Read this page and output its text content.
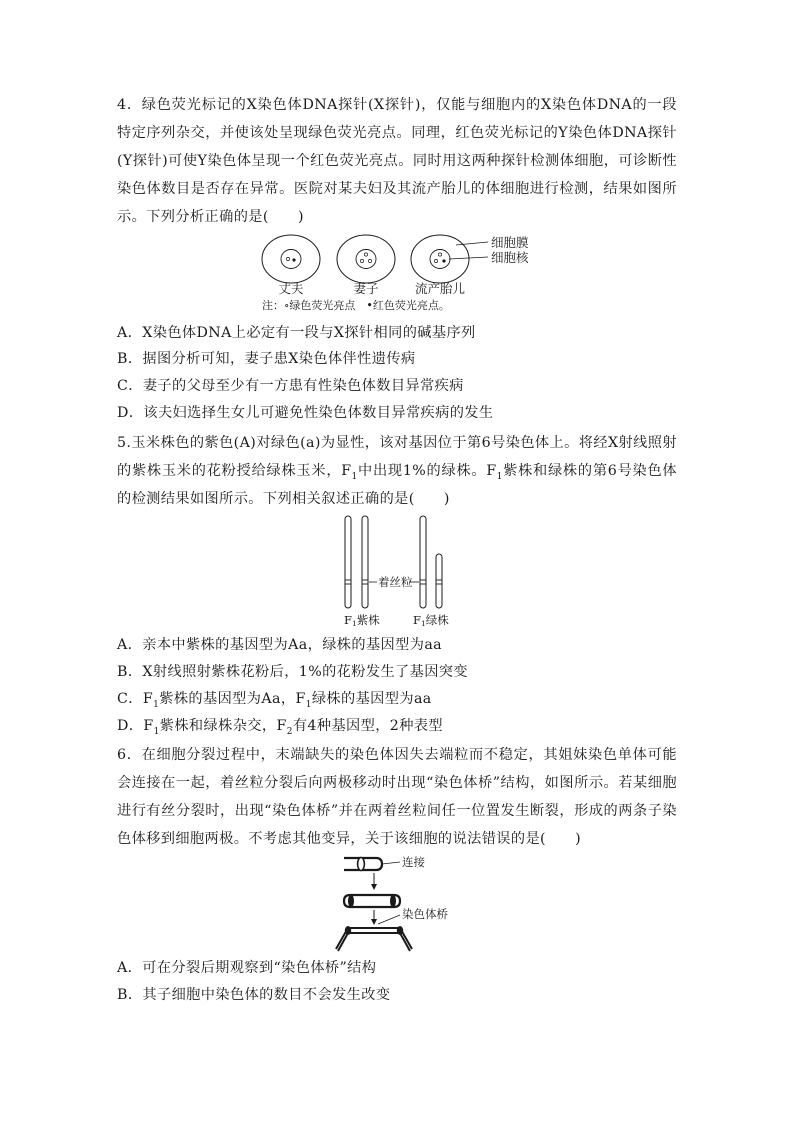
4．绿色荧光标记的X染色体DNA探针(X探针)，仅能与细胞内的X染色体DNA的一段特定序列杂交，并使该处呈现绿色荧光亮点。同理，红色荧光标记的Y染色体DNA探针(Y探针)可使Y染色体呈现一个红色荧光亮点。同时用这两种探针检测体细胞，可诊断性染色体数目是否存在异常。医院对某夫妇及其流产胎儿的体细胞进行检测，结果如图所示。下列分析正确的是(　　)

细胞膜
细胞核
丈夫	妻子	流产胎儿
注：∘绿色荧光亮点　•红色荧光亮点。
A．X染色体DNA上必定有一段与X探针相同的碱基序列
B．据图分析可知，妻子患X染色体伴性遗传病
C．妻子的父母至少有一方患有性染色体数目异常疾病
D．该夫妇选择生女儿可避免性染色体数目异常疾病的发生

5.玉米株色的紫色(A)对绿色(a)为显性，该对基因位于第6号染色体上。将经X射线照射的紫株玉米的花粉授给绿株玉米，$F_1$中出现1%的绿株。$F_1$紫株和绿株的第6号染色体的检测结果如图所示。下列相关叙述正确的是(　　)

着丝粒
F1紫株	F1绿株
A．亲本中紫株的基因型为Aa，绿株的基因型为aa
B．X射线照射紫株花粉后，1%的花粉发生了基因突变
C．$F_1$紫株的基因型为Aa，$F_1$绿株的基因型为aa
D．$F_1$紫株和绿株杂交，$F_2$有4种基因型，2种表型

6．在细胞分裂过程中，末端缺失的染色体因失去端粒而不稳定，其姐妹染色单体可能会连接在一起，着丝粒分裂后向两极移动时出现“染色体桥”结构，如图所示。若某细胞进行有丝分裂时，出现“染色体桥”并在两着丝粒间任一位置发生断裂，形成的两条子染色体移到细胞两极。不考虑其他变异，关于该细胞的说法错误的是(　　)

连接
染色体桥
A．可在分裂后期观察到“染色体桥”结构
B．其子细胞中染色体的数目不会发生改变
